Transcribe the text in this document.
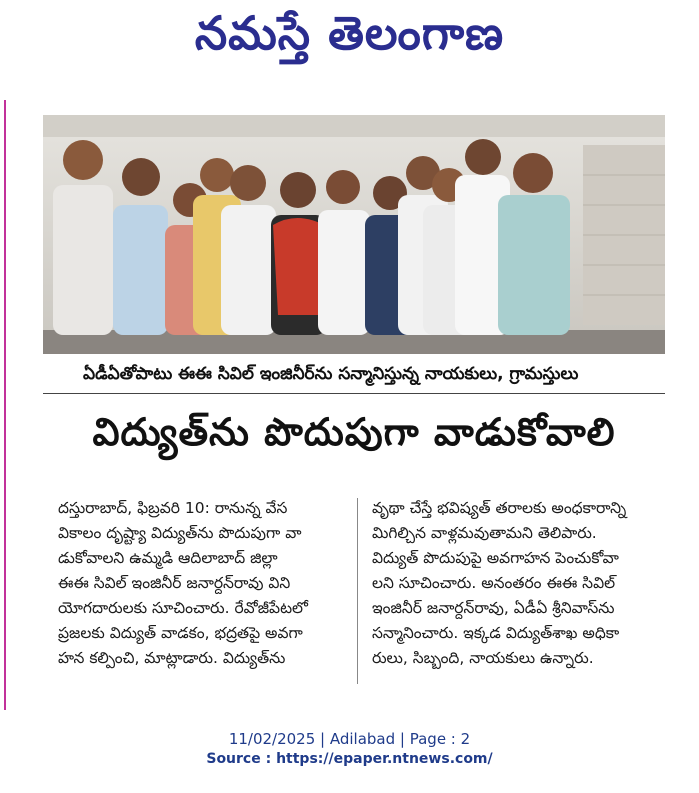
నమస్తే తెలంగాణ
ఏడీఏతోపాటు ఈఈ సివిల్ ఇంజినీర్‌ను సన్మానిస్తున్న నాయకులు, గ్రామస్తులు
విద్యుత్‌ను పొదుపుగా వాడుకోవాలి

దస్తురాబాద్, ఫిబ్రవరి 10: రానున్న వేస

వికాలం దృష్ట్యా విద్యుత్‌ను పొదుపుగా వా

డుకోవాలని ఉమ్మడి ఆదిలాబాద్ జిల్లా

ఈఈ సివిల్ ఇంజినీర్ జనార్దన్‌రావు విని

యోగదారులకు సూచించారు. రేవోజీపేటలో

ప్రజలకు విద్యుత్ వాడకం, భద్రతపై అవగా

హన కల్పించి, మాట్లాడారు. విద్యుత్‌ను

వృథా చేస్తే భవిష్యత్ తరాలకు అంధకారాన్ని

మిగిల్చిన వాళ్లమవుతామని తెలిపారు.

విద్యుత్ పొదుపుపై అవగాహన పెంచుకోవా

లని సూచించారు. అనంతరం ఈఈ సివిల్

ఇంజినీర్ జనార్దన్‌రావు, ఏడీఏ శ్రీనివాస్‌ను

సన్మానించారు. ఇక్కడ విద్యుత్‌శాఖ అధికా

రులు, సిబ్బంది, నాయకులు ఉన్నారు.

11/02/2025 | Adilabad | Page : 2
Source : https://epaper.ntnews.com/
